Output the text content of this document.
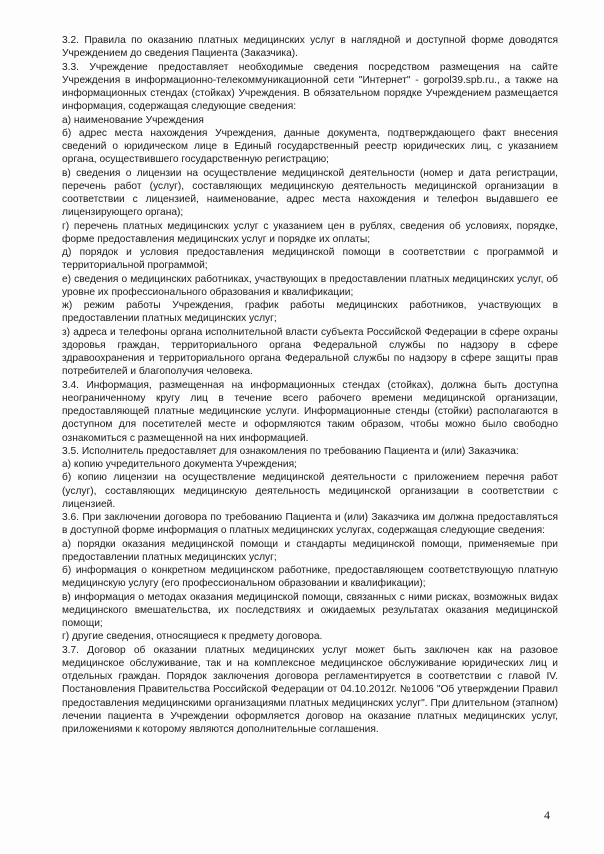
3.2. Правила по оказанию платных медицинских услуг в наглядной и доступной форме доводятся Учреждением до сведения Пациента (Заказчика).

3.3. Учреждение предоставляет необходимые сведения посредством размещения на сайте Учреждения в информационно-телекоммуникационной сети "Интернет" - gorpol39.spb.ru., а также на информационных стендах (стойках) Учреждения. В обязательном порядке Учреждением размещается информация, содержащая следующие сведения:

а) наименование Учреждения

б) адрес места нахождения Учреждения, данные документа, подтверждающего факт внесения сведений о юридическом лице в Единый государственный реестр юридических лиц, с указанием органа, осуществившего государственную регистрацию;

в) сведения о лицензии на осуществление медицинской деятельности (номер и дата регистрации, перечень работ (услуг), составляющих медицинскую деятельность медицинской организации в соответствии с лицензией, наименование, адрес места нахождения и телефон выдавшего ее лицензирующего органа);

г) перечень платных медицинских услуг с указанием цен в рублях, сведения об условиях, порядке, форме предоставления медицинских услуг и порядке их оплаты;

д) порядок и условия предоставления медицинской помощи в соответствии с программой и территориальной программой;

е) сведения о медицинских работниках, участвующих в предоставлении платных медицинских услуг, об уровне их профессионального образования и квалификации;

ж) режим работы Учреждения, график работы медицинских работников, участвующих в предоставлении платных медицинских услуг;

з) адреса и телефоны органа исполнительной власти субъекта Российской Федерации в сфере охраны здоровья граждан, территориального органа Федеральной службы по надзору в сфере здравоохранения и территориального органа Федеральной службы по надзору в сфере защиты прав потребителей и благополучия человека.

3.4. Информация, размещенная на информационных стендах (стойках), должна быть доступна неограниченному кругу лиц в течение всего рабочего времени медицинской организации, предоставляющей платные медицинские услуги. Информационные стенды (стойки) располагаются в доступном для посетителей месте и оформляются таким образом, чтобы можно было свободно ознакомиться с размещенной на них информацией.

3.5. Исполнитель предоставляет для ознакомления по требованию Пациента и (или) Заказчика:

а) копию учредительного документа Учреждения;

б) копию лицензии на осуществление медицинской деятельности с приложением перечня работ (услуг), составляющих медицинскую деятельность медицинской организации в соответствии с лицензией.

3.6. При заключении договора по требованию Пациента и (или) Заказчика им должна предоставляться в доступной форме информация о платных медицинских услугах, содержащая следующие сведения:

а) порядки оказания медицинской помощи и стандарты медицинской помощи, применяемые при предоставлении платных медицинских услуг;

б) информация о конкретном медицинском работнике, предоставляющем соответствующую платную медицинскую услугу (его профессиональном образовании и квалификации);

в) информация о методах оказания медицинской помощи, связанных с ними рисках, возможных видах медицинского вмешательства, их последствиях и ожидаемых результатах оказания медицинской помощи;

г) другие сведения, относящиеся к предмету договора.

3.7. Договор об оказании платных медицинских услуг может быть заключен как на разовое медицинское обслуживание, так и на комплексное медицинское обслуживание юридических лиц и отдельных граждан. Порядок заключения договора регламентируется в соответствии с главой IV. Постановления Правительства Российской Федерации от 04.10.2012г. №1006 "Об утверждении Правил предоставления медицинскими организациями платных медицинских услуг". При длительном (этапном) лечении пациента в Учреждении оформляется договор на оказание платных медицинских услуг, приложениями к которому являются дополнительные соглашения.

4
